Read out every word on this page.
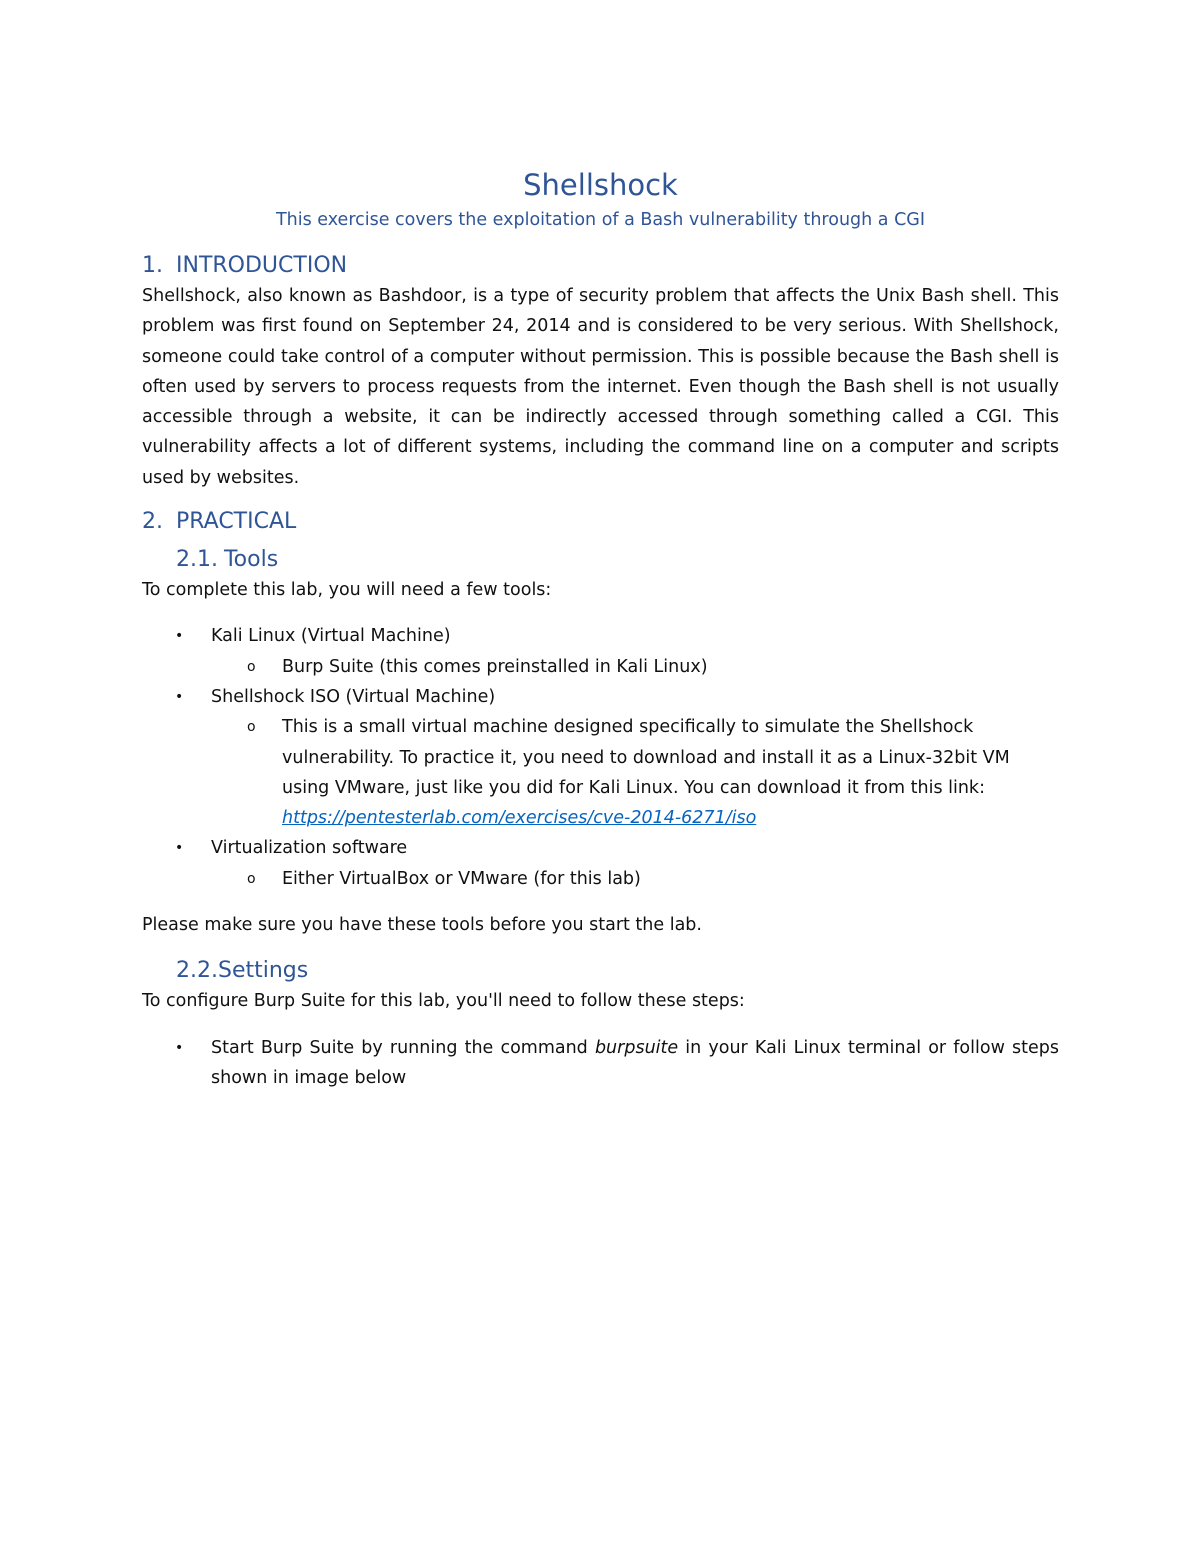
Shellshock
This exercise covers the exploitation of a Bash vulnerability through a CGI
1. INTRODUCTION

Shellshock, also known as Bashdoor, is a type of security problem that affects the Unix Bash shell. This problem was first found on September 24, 2014 and is considered to be very serious. With Shellshock, someone could take control of a computer without permission. This is possible because the Bash shell is often used by servers to process requests from the internet. Even though the Bash shell is not usually accessible through a website, it can be indirectly accessed through something called a CGI. This vulnerability affects a lot of different systems, including the command line on a computer and scripts used by websites.

2. PRACTICAL
2.1. Tools

To complete this lab, you will need a few tools:

• Kali Linux (Virtual Machine)
o Burp Suite (this comes preinstalled in Kali Linux)
• Shellshock ISO (Virtual Machine)
o This is a small virtual machine designed specifically to simulate the Shellshock vulnerability. To practice it, you need to download and install it as a Linux-32bit VM using VMware, just like you did for Kali Linux. You can download it from this link: https://pentesterlab.com/exercises/cve-2014-6271/iso
• Virtualization software
o Either VirtualBox or VMware (for this lab)

Please make sure you have these tools before you start the lab.

2.2.Settings

To configure Burp Suite for this lab, you'll need to follow these steps:

• Start Burp Suite by running the command burpsuite in your Kali Linux terminal or follow steps shown in image below
